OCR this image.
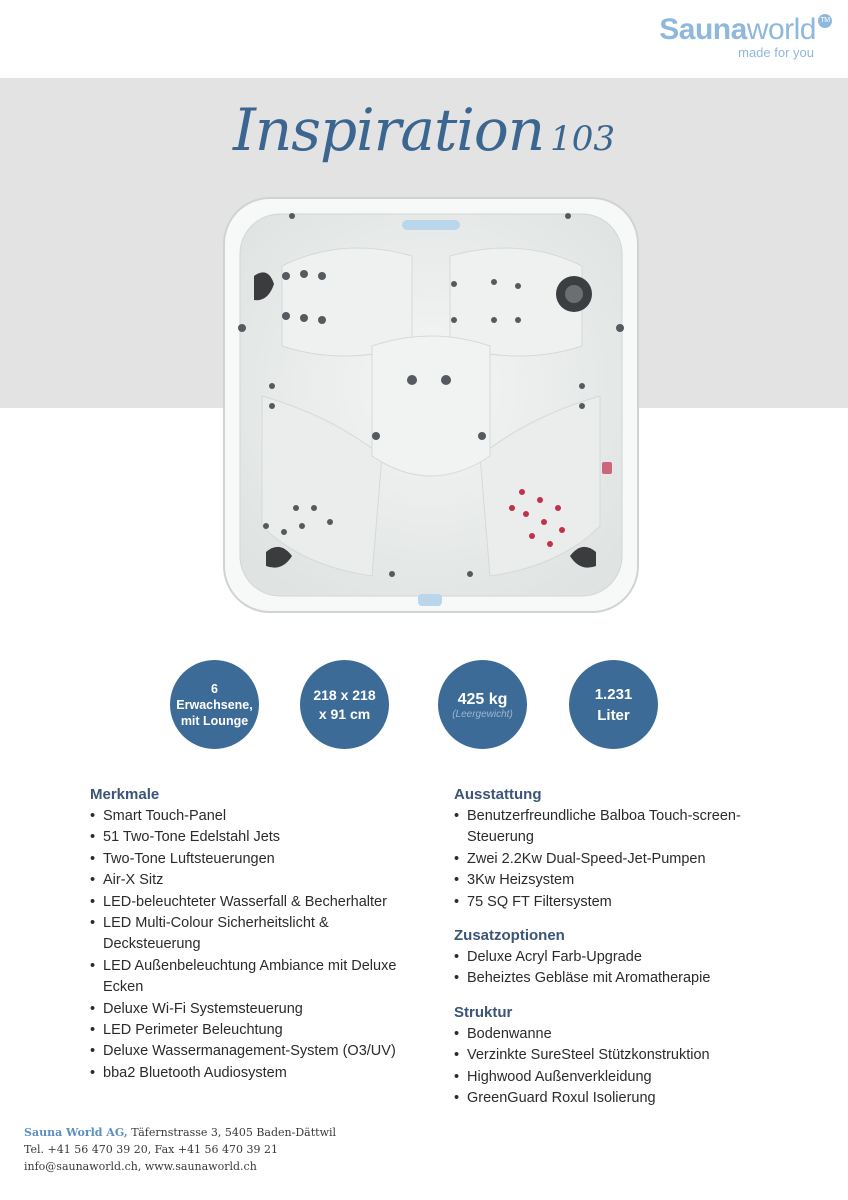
Saunaworld TM
made for you
Inspiration 103
6
Erwachsene,
mit Lounge
218 x 218
x 91 cm
425 kg
(Leergewicht)
1.231
Liter
Merkmale
• Smart Touch-Panel
• 51 Two-Tone Edelstahl Jets
• Two-Tone Luftsteuerungen
• Air-X Sitz
• LED-beleuchteter Wasserfall & Becherhalter
• LED Multi-Colour Sicherheitslicht & Decksteuerung
• LED Außenbeleuchtung Ambiance mit Deluxe Ecken
• Deluxe Wi-Fi Systemsteuerung
• LED Perimeter Beleuchtung
• Deluxe Wassermanagement-System (O3/UV)
• bba2 Bluetooth Audiosystem
Ausstattung
• Benutzerfreundliche Balboa Touch-screen-Steuerung
• Zwei 2.2Kw Dual-Speed-Jet-Pumpen
• 3Kw Heizsystem
• 75 SQ FT Filtersystem
Zusatzoptionen
• Deluxe Acryl Farb-Upgrade
• Beheiztes Gebläse mit Aromatherapie
Struktur
• Bodenwanne
• Verzinkte SureSteel Stützkonstruktion
• Highwood Außenverkleidung
• GreenGuard Roxul Isolierung
Sauna World AG, Täfernstrasse 3, 5405 Baden-Dättwil
Tel. +41 56 470 39 20, Fax +41 56 470 39 21
info@saunaworld.ch, www.saunaworld.ch
